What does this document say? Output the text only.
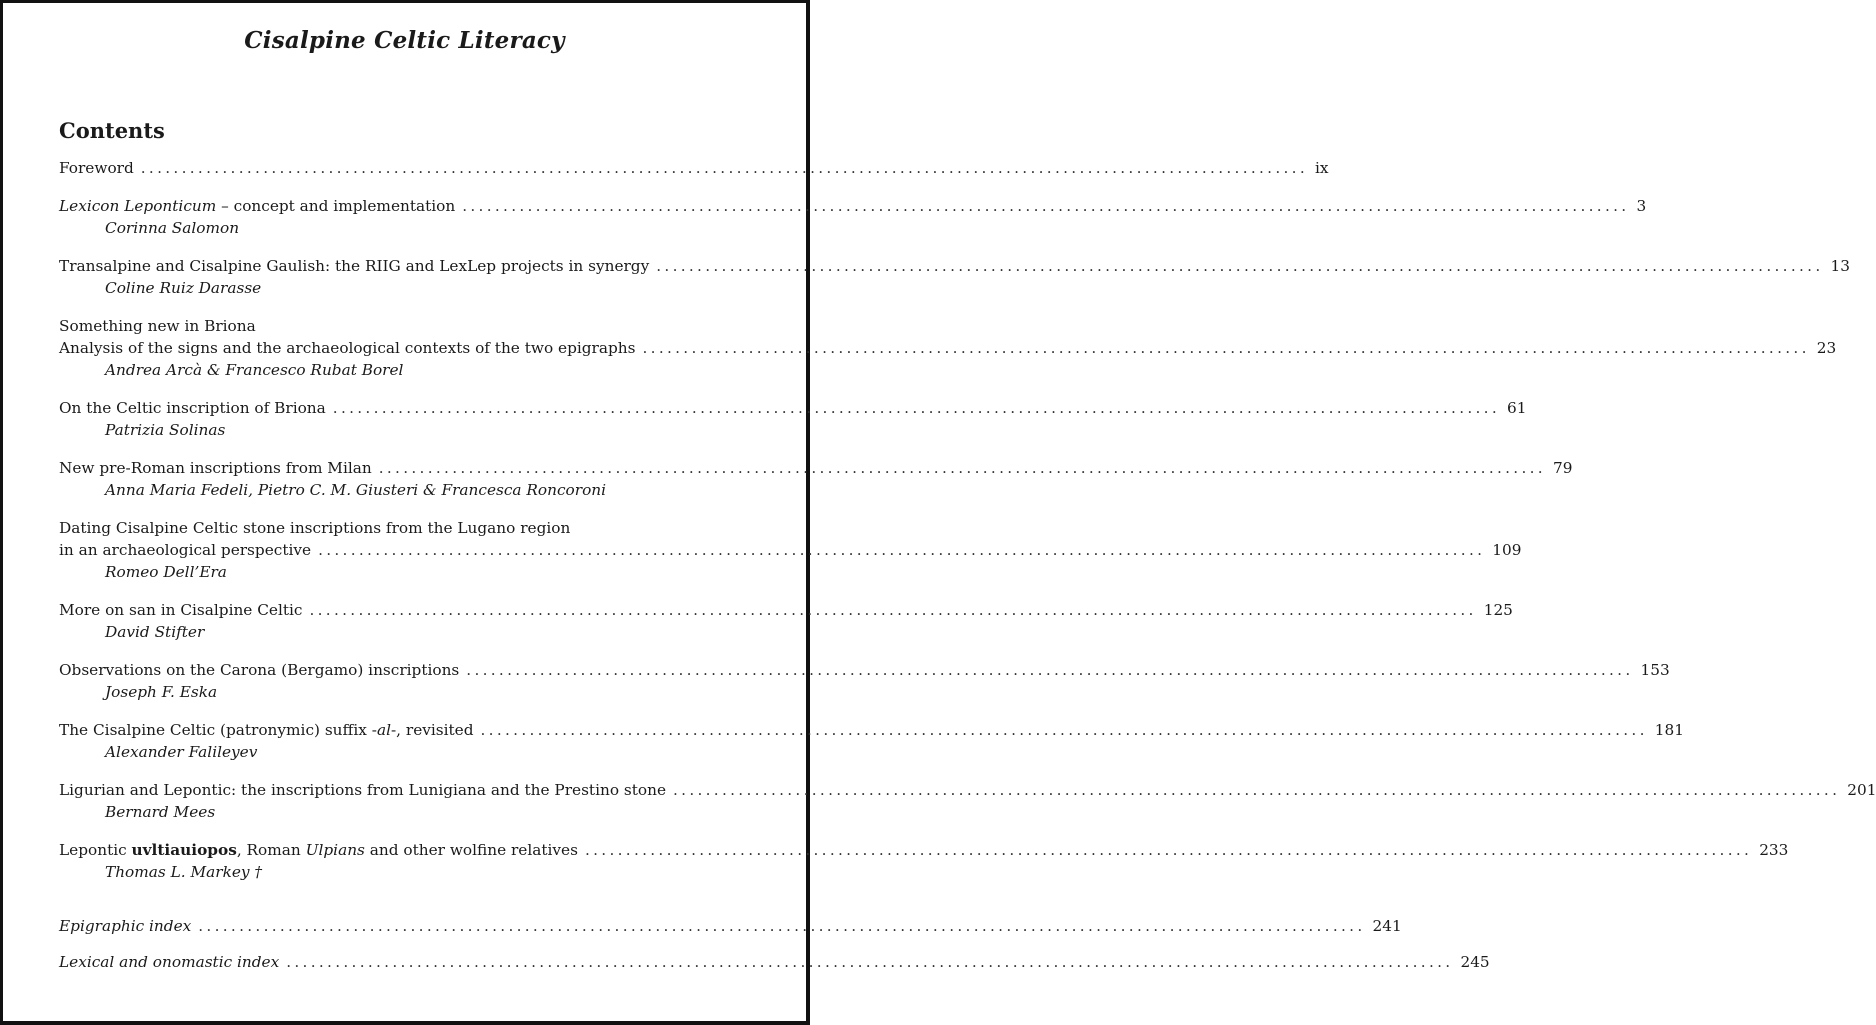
Cisalpine Celtic Literacy
Contents
Foreword ............................................................................................................................................... ix
Lexicon Leponticum – concept and implementation ............................................................................................................................................... 3
Corinna Salomon
Transalpine and Cisalpine Gaulish: the RIIG and LexLep projects in synergy ............................................................................................................................................... 13
Coline Ruiz Darasse
Something new in Briona
Analysis of the signs and the archaeological contexts of the two epigraphs ............................................................................................................................................... 23
Andrea Arcà & Francesco Rubat Borel
On the Celtic inscription of Briona ............................................................................................................................................... 61
Patrizia Solinas
New pre-Roman inscriptions from Milan ............................................................................................................................................... 79
Anna Maria Fedeli, Pietro C. M. Giusteri & Francesca Roncoroni
Dating Cisalpine Celtic stone inscriptions from the Lugano region
in an archaeological perspective ............................................................................................................................................... 109
Romeo Dell’Era
More on san in Cisalpine Celtic ............................................................................................................................................... 125
David Stifter
Observations on the Carona (Bergamo) inscriptions ............................................................................................................................................... 153
Joseph F. Eska
The Cisalpine Celtic (patronymic) suffix -al-, revisited ............................................................................................................................................... 181
Alexander Falileyev
Ligurian and Lepontic: the inscriptions from Lunigiana and the Prestino stone ............................................................................................................................................... 201
Bernard Mees
Lepontic uvltiauiopos, Roman Ulpians and other wolfine relatives ............................................................................................................................................... 233
Thomas L. Markey †
Epigraphic index ............................................................................................................................................... 241
Lexical and onomastic index ............................................................................................................................................... 245
